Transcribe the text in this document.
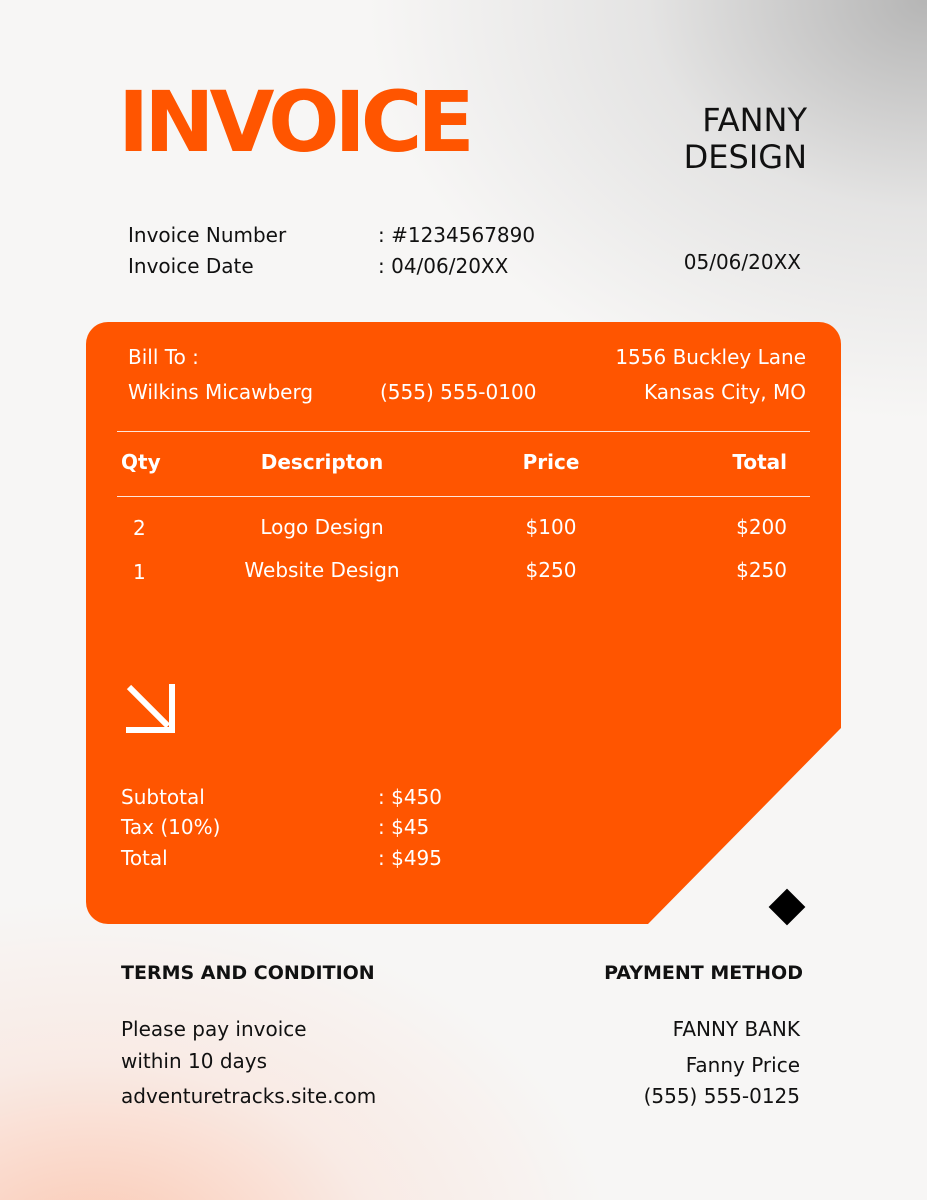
INVOICE	FANNY
DESIGN
Invoice Number	: #1234567890
Invoice Date	: 04/06/20XX	05/06/20XX
Bill To :
Wilkins Micawberg	(555) 555-0100
1556 Buckley Lane
Kansas City, MO
Qty	Descripton	Price	Total
2	Logo Design	$100	$200
1	Website Design	$250	$250
Subtotal	: $450
Tax (10%)	: $45
Total	: $495
TERMS AND CONDITION
Please pay invoice
within 10 days
adventuretracks.site.com
PAYMENT METHOD
FANNY BANK
Fanny Price
(555) 555-0125
